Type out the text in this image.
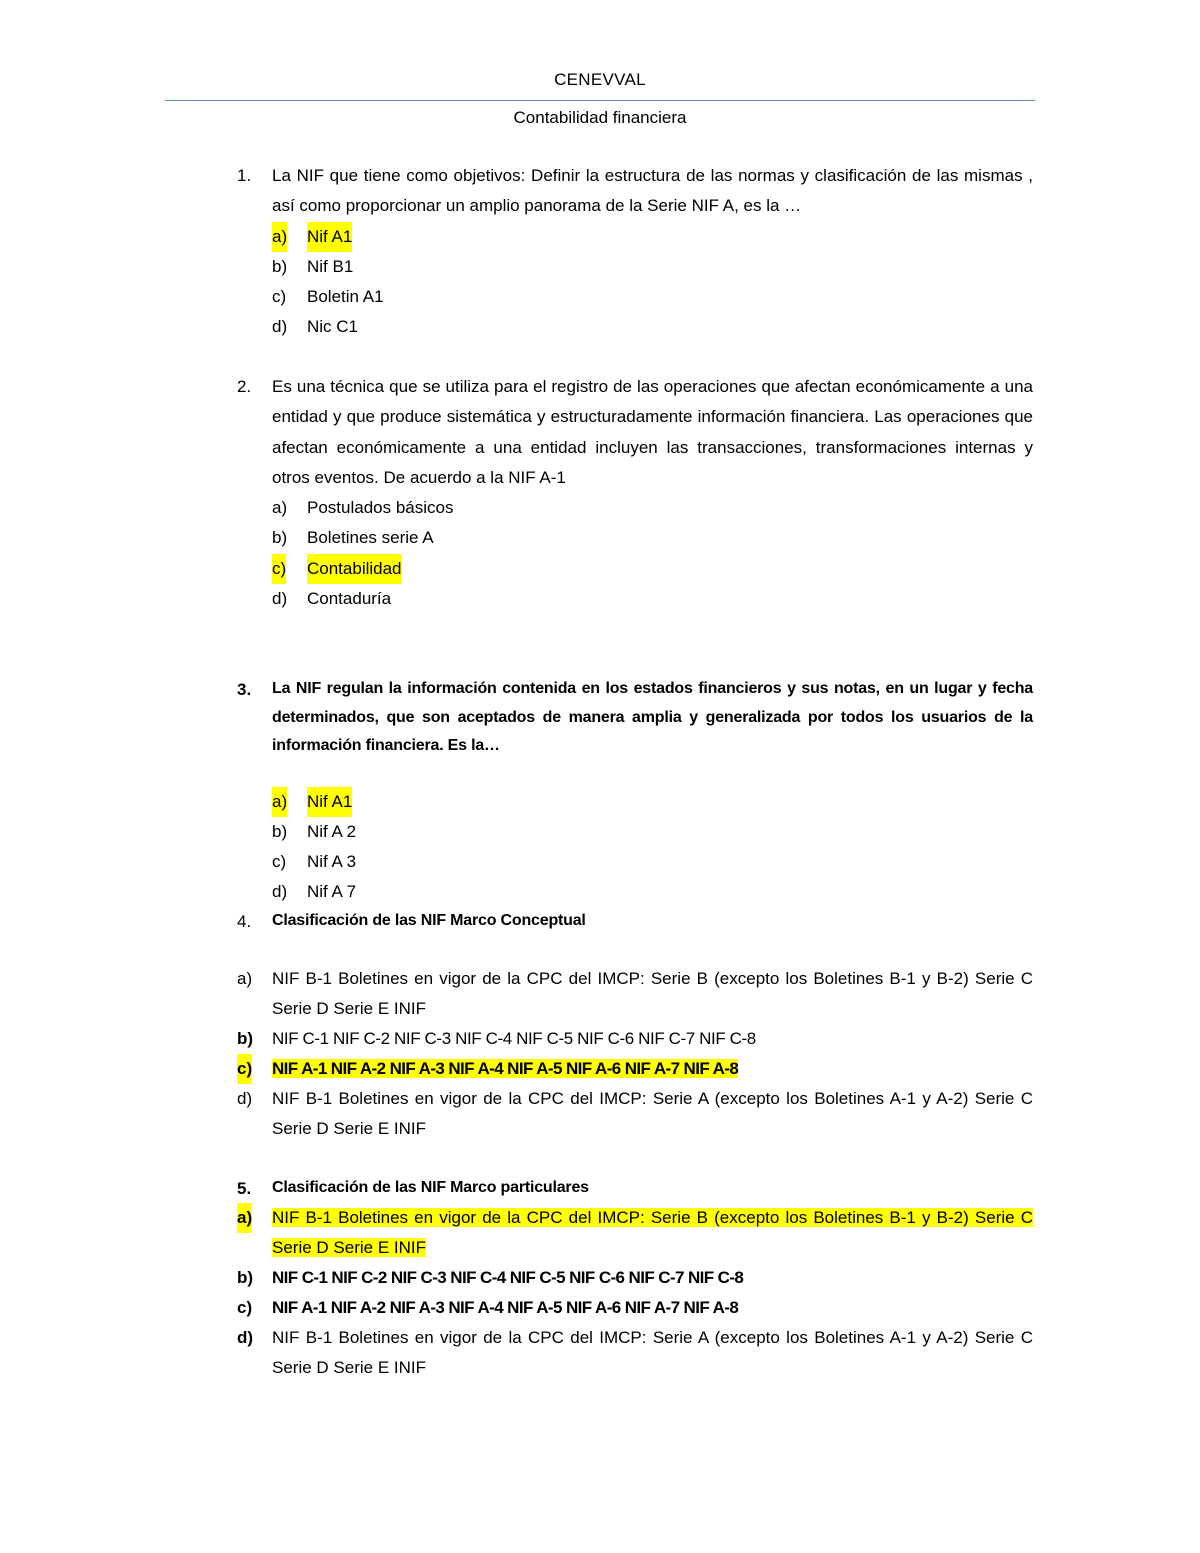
CENEVVAL
Contabilidad financiera
1. La NIF que tiene como objetivos: Definir la estructura de las normas y clasificación de las mismas , así como proporcionar un amplio panorama de la Serie NIF A, es la …
a) Nif A1
b) Nif B1
c) Boletin A1
d) Nic C1
2. Es una técnica que se utiliza para el registro de las operaciones que afectan económicamente a una entidad y que produce sistemática y estructuradamente información financiera. Las operaciones que afectan económicamente a una entidad incluyen las transacciones, transformaciones internas y otros eventos. De acuerdo a la NIF A-1
a) Postulados básicos
b) Boletines serie A
c) Contabilidad
d) Contaduría
3. La NIF regulan la información contenida en los estados financieros y sus notas, en un lugar y fecha determinados, que son aceptados de manera amplia y generalizada por todos los usuarios de la información financiera. Es la…
a) Nif A1
b) Nif A 2
c) Nif A 3
d) Nif A 7
4. Clasificación de las NIF Marco Conceptual
a) NIF B-1 Boletines en vigor de la CPC del IMCP: Serie B (excepto los Boletines B-1 y B-2) Serie C Serie D Serie E INIF
b) NIF C-1 NIF C-2 NIF C-3 NIF C-4 NIF C-5 NIF C-6 NIF C-7 NIF C-8
c) NIF A-1 NIF A-2 NIF A-3 NIF A-4 NIF A-5 NIF A-6 NIF A-7 NIF A-8
d) NIF B-1 Boletines en vigor de la CPC del IMCP: Serie A (excepto los Boletines A-1 y A-2) Serie C Serie D Serie E INIF
5. Clasificación de las NIF Marco particulares
a) NIF B-1 Boletines en vigor de la CPC del IMCP: Serie B (excepto los Boletines B-1 y B-2) Serie C Serie D Serie E INIF
b) NIF C-1 NIF C-2 NIF C-3 NIF C-4 NIF C-5 NIF C-6 NIF C-7 NIF C-8
c) NIF A-1 NIF A-2 NIF A-3 NIF A-4 NIF A-5 NIF A-6 NIF A-7 NIF A-8
d) NIF B-1 Boletines en vigor de la CPC del IMCP: Serie A (excepto los Boletines A-1 y A-2) Serie C Serie D Serie E INIF
